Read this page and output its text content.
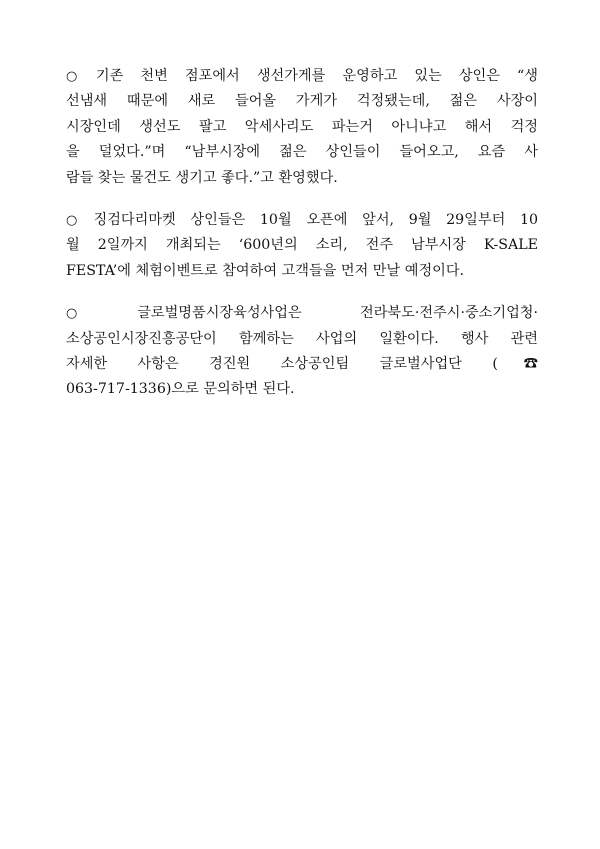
○ 기존 천변 점포에서 생선가게를 운영하고 있는 상인은 “생
선냄새 때문에 새로 들어올 가게가 걱정됐는데, 젊은 사장이
시장인데 생선도 팔고 악세사리도 파는거 아니냐고 해서 걱정
을 덜었다.”며 “남부시장에 젊은 상인들이 들어오고, 요즘 사
람들 찾는 물건도 생기고 좋다.”고 환영했다.

○ 징검다리마켓 상인들은 10월 오픈에 앞서, 9월 29일부터 10
월 2일까지 개최되는 ‘600년의 소리, 전주 남부시장 K-SALE
FESTA’에 체험이벤트로 참여하여 고객들을 먼저 만날 예정이다.

○ 글로벌명품시장육성사업은 전라북도·전주시·중소기업청·
소상공인시장진흥공단이 함께하는 사업의 일환이다. 행사 관련
자세한 사항은 경진원 소상공인팀 글로벌사업단 (☎
063-717-1336)으로 문의하면 된다.
